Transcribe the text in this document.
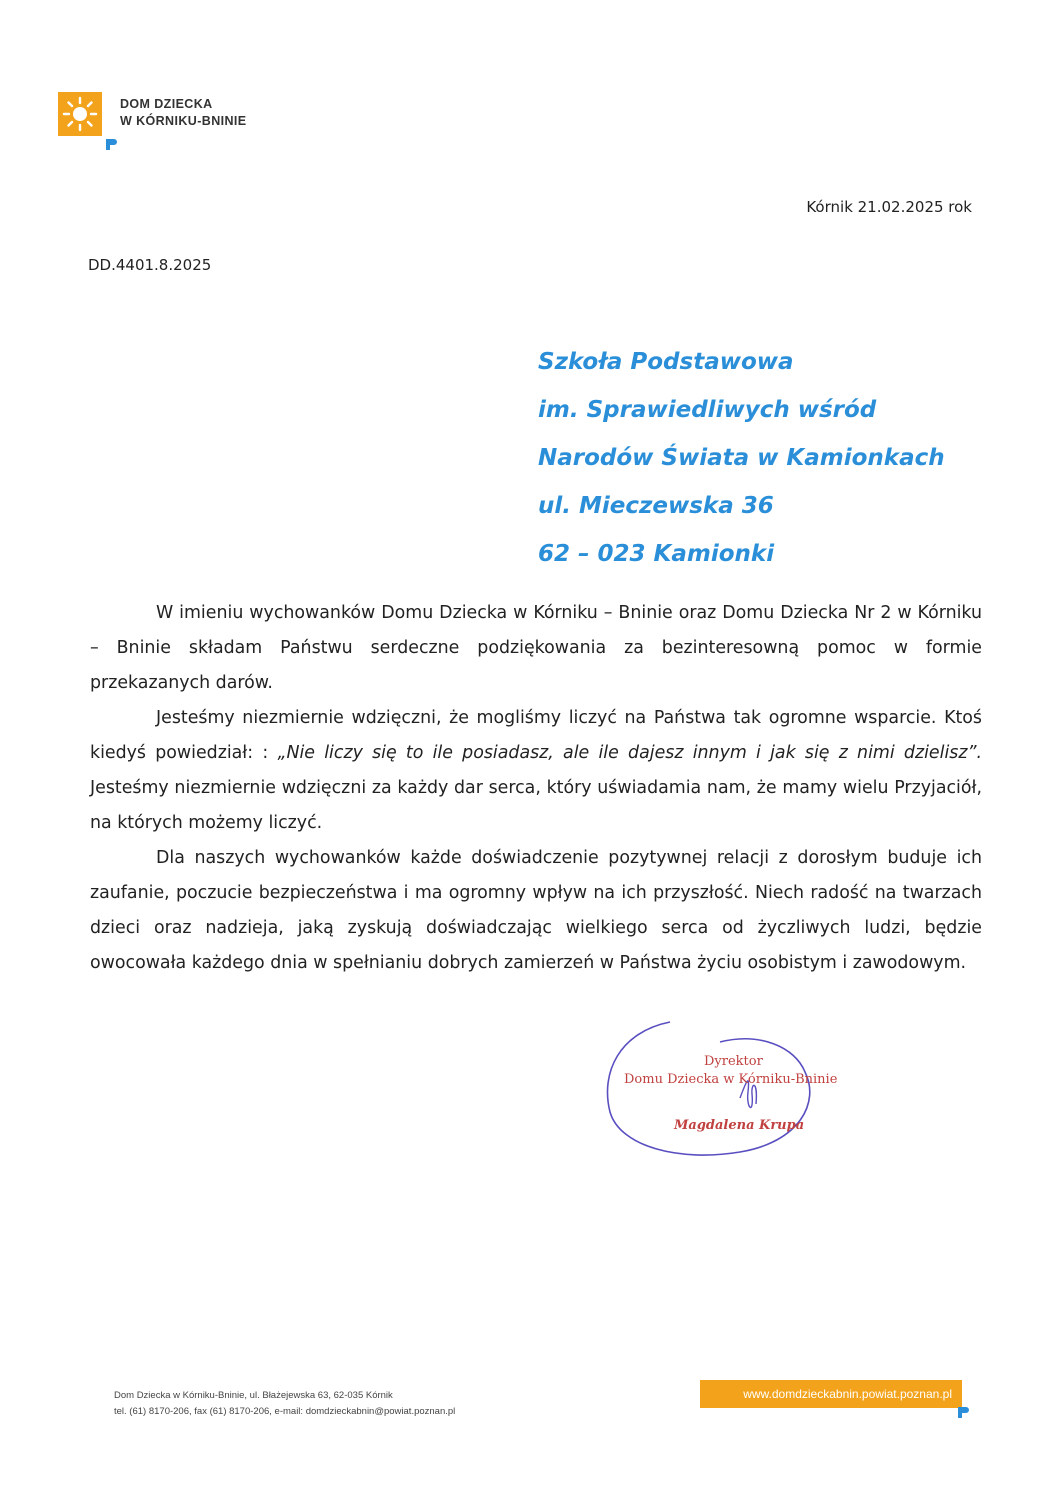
DOM DZIECKA
W KÓRNIKU-BNINIE
Kórnik 21.02.2025 rok
DD.4401.8.2025
Szkoła Podstawowa
im. Sprawiedliwych wśród
Narodów Świata w Kamionkach
ul. Mieczewska 36
62 – 023 Kamionki

W imieniu wychowanków Domu Dziecka w Kórniku – Bninie oraz Domu Dziecka Nr 2 w Kórniku – Bninie składam Państwu serdeczne podziękowania za bezinteresowną pomoc w formie przekazanych darów.

Jesteśmy niezmiernie wdzięczni, że mogliśmy liczyć na Państwa tak ogromne wsparcie. Ktoś kiedyś powiedział: : „Nie liczy się to ile posiadasz, ale ile dajesz innym i jak się z nimi dzielisz”. Jesteśmy niezmiernie wdzięczni za każdy dar serca, który uświadamia nam, że mamy wielu Przyjaciół, na których możemy liczyć.

Dla naszych wychowanków każde doświadczenie pozytywnej relacji z dorosłym buduje ich zaufanie, poczucie bezpieczeństwa i ma ogromny wpływ na ich przyszłość. Niech radość na twarzach dzieci oraz nadzieja, jaką zyskują doświadczając wielkiego serca od życzliwych ludzi, będzie owocowała każdego dnia w spełnianiu dobrych zamierzeń w Państwa życiu osobistym i zawodowym.

Dyrektor
Domu Dziecka w Kórniku-Bninie
Magdalena Krupa
Dom Dziecka w Kórniku-Bninie, ul. Błażejewska 63, 62-035 Kórnik
tel. (61) 8170-206, fax (61) 8170-206, e-mail: domdzieckabnin@powiat.poznan.pl
www.domdzieckabnin.powiat.poznan.pl
